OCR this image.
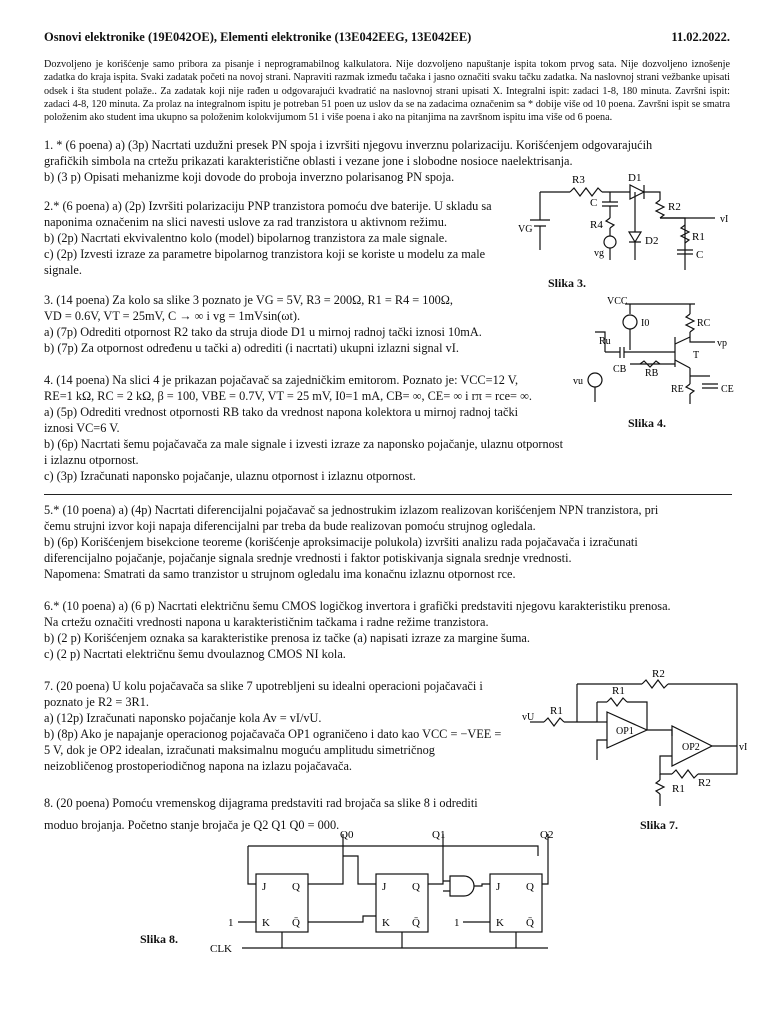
Osnovi elektronike (19E042OE), Elementi elektronike (13E042EEG, 13E042EE)	11.02.2022.
Dozvoljeno je korišćenje samo pribora za pisanje i neprogramabilnog kalkulatora. Nije dozvoljeno napuštanje ispita tokom prvog sata. Nije dozvoljeno iznošenje zadatka do kraja ispita. Svaki zadatak početi na novoj strani. Napraviti razmak između tačaka i jasno označiti svaku tačku zadatka. Na naslovnoj strani vežbanke upisati odsek i šta student polaže.. Za zadatak koji nije rađen u odgovarajući kvadratić na naslovnoj strani upisati X. Integralni ispit: zadaci 1-8, 180 minuta. Završni ispit: zadaci 4-8, 120 minuta. Za prolaz na integralnom ispitu je potreban 51 poen uz uslov da se na zadacima označenim sa * dobije više od 10 poena. Završni ispit se smatra položenim ako student ima ukupno sa položenim kolokvijumom 51 i više poena i ako na pitanjima na završnom ispitu ima više od 6 poena.
1. * (6 poena) a) (3p) Nacrtati uzdužni presek PN spoja i izvršiti njegovu inverznu polarizaciju. Korišćenjem odgovarajućih
grafičkih simbola na crtežu prikazati karakteristične oblasti i vezane jone i slobodne nosioce naelektrisanja.
b) (3 p) Opisati mehanizme koji dovode do proboja inverzno polarisanog PN spoja.
2.* (6 poena) a) (2p) Izvršiti polarizaciju PNP tranzistora pomoću dve baterije. U skladu sa
naponima označenim na slici navesti uslove za rad tranzistora u aktivnom režimu.
b) (2p) Nacrtati ekvivalentno kolo (model) bipolarnog tranzistora za male signale.
c) (2p) Izvesti izraze za parametre bipolarnog tranzistora koji se koriste u modelu za male
signale.
3. (14 poena) Za kolo sa slike 3 poznato je VG = 5V, R3 = 200Ω, R1 = R4 = 100Ω,
VD = 0.6V, VT = 25mV, C → ∞ i vg = 1mVsin(ωt).
a) (7p) Odrediti otpornost R2 tako da struja diode D1 u mirnoj radnoj tački iznosi 10mA.
b) (7p) Za otpornost određenu u tački a) odrediti (i nacrtati) ukupni izlazni signal vI.
4. (14 poena) Na slici 4 je prikazan pojačavač sa zajedničkim emitorom. Poznato je: VCC=12 V,
RE=1 kΩ, RC = 2 kΩ, β = 100, VBE = 0.7V, VT = 25 mV, I0=1 mA, CB= ∞, CE= ∞ i rπ = rce= ∞.
a) (5p) Odrediti vrednost otpornosti RB tako da vrednost napona kolektora u mirnoj radnoj tački
iznosi VC=6 V.
b) (6p) Nacrtati šemu pojačavača za male signale i izvesti izraze za naponsko pojačanje, ulaznu otpornost
i izlaznu otpornost.
c) (3p) Izračunati naponsko pojačanje, ulaznu otpornost i izlaznu otpornost.
5.* (10 poena) a) (4p) Nacrtati diferencijalni pojačavač sa jednostrukim izlazom realizovan korišćenjem NPN tranzistora, pri
čemu strujni izvor koji napaja diferencijalni par treba da bude realizovan pomoću strujnog ogledala.
b) (6p) Korišćenjem bisekcione teoreme (korišćenje aproksimacije polukola) izvršiti analizu rada pojačavača i izračunati
diferencijalno pojačanje, pojačanje signala srednje vrednosti i faktor potiskivanja signala srednje vrednosti.
Napomena: Smatrati da samo tranzistor u strujnom ogledalu ima konačnu izlaznu otpornost rce.
6.* (10 poena) a) (6 p) Nacrtati električnu šemu CMOS logičkog invertora i grafički predstaviti njegovu karakteristiku prenosa.
Na crtežu označiti vrednosti napona u karakterističnim tačkama i radne režime tranzistora.
b) (2 p) Korišćenjem oznaka sa karakteristike prenosa iz tačke (a) napisati izraze za margine šuma.
c) (2 p) Nacrtati električnu šemu dvoulaznog CMOS NI kola.
7. (20 poena) U kolu pojačavača sa slike 7 upotrebljeni su idealni operacioni pojačavači i
poznato je R2 = 3R1.
a) (12p) Izračunati naponsko pojačanje kola Av = vI/vU.
b) (8p) Ako je napajanje operacionog pojačavača OP1 ograničeno i dato kao VCC = −VEE =
5 V, dok je OP2 idealan, izračunati maksimalnu moguću amplitudu simetričnog
neizobličenog prostoperiodičnog napona na izlazu pojačavača.
8. (20 poena) Pomoću vremenskog dijagrama predstaviti rad brojača sa slike 8 i odrediti
moduo brojanja. Početno stanje brojača je Q2 Q1 Q0 = 000.
R3	D1
R2
C
R4
vg
VG
D2	R1
C
vI
Slika 3.
VCC
I0	RC
Ru
CB RB
T
RE	CE
vu
vp
Slika 4.
R2
R1
R1
vU
OP1
OP2
R1 R2
vI
Slika 7.
Q0	Q1	Q2
J Q
K Q̄
J Q
K Q̄
J Q
K Q̄
1	1
CLK
Slika 8.
